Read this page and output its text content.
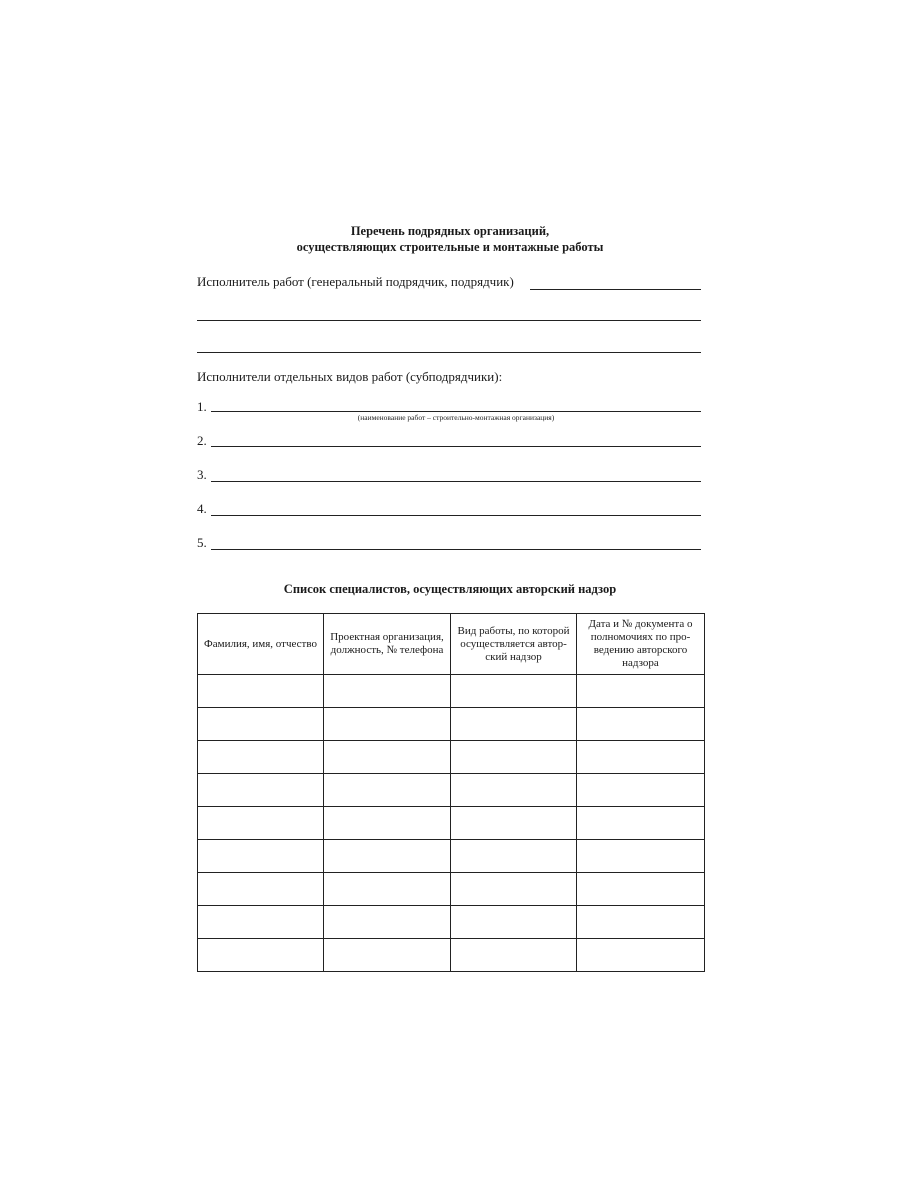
Перечень подрядных организаций,
осуществляющих строительные и монтажные работы
Исполнитель работ (генеральный подрядчик, подрядчик)
Исполнители отдельных видов работ (субподрядчики):
1.
(наименование работ – строительно-монтажная организация)
2.
3.
4.
5.
Список специалистов, осуществляющих авторский надзор
Фамилия, имя, отчество	Проектная организация, должность, № телефона	Вид работы, по которой осуществляется автор-ский надзор	Дата и № документа о полномочиях по про-ведению авторского надзора
